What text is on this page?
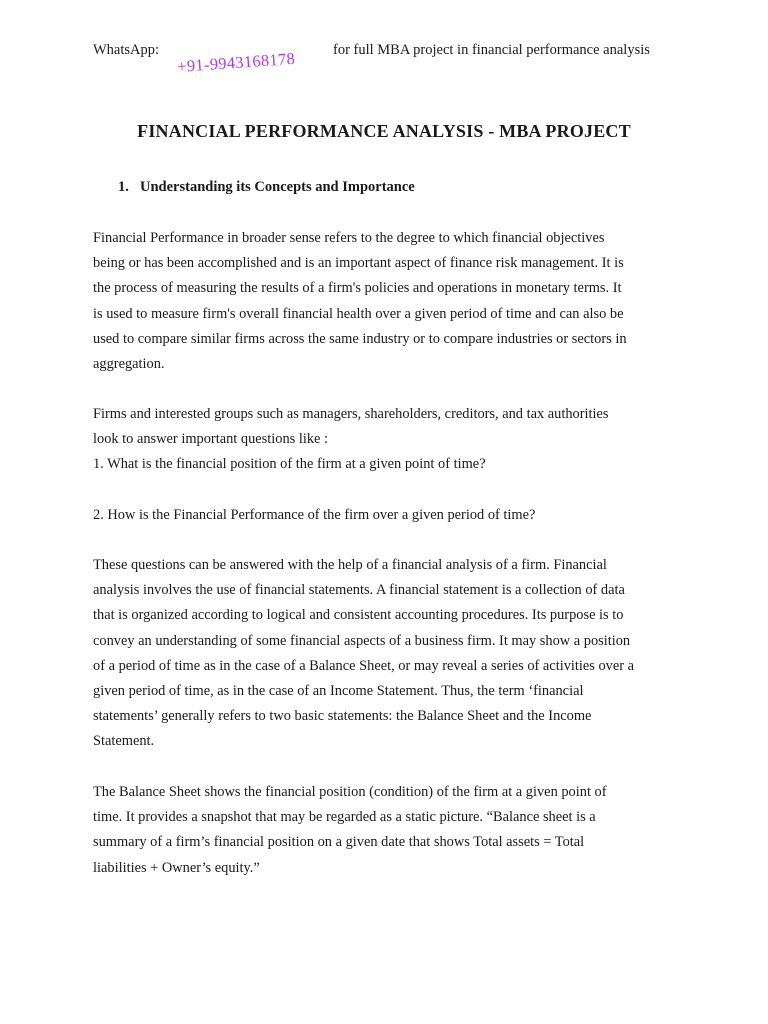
WhatsApp: +91-9943168178	for full MBA project in financial performance analysis
FINANCIAL PERFORMANCE ANALYSIS - MBA PROJECT
1. Understanding its Concepts and Importance
Financial Performance in broader sense refers to the degree to which financial objectives
being or has been accomplished and is an important aspect of finance risk management. It is
the process of measuring the results of a firm's policies and operations in monetary terms. It
is used to measure firm's overall financial health over a given period of time and can also be
used to compare similar firms across the same industry or to compare industries or sectors in
aggregation.
Firms and interested groups such as managers, shareholders, creditors, and tax authorities
look to answer important questions like :
1. What is the financial position of the firm at a given point of time?
2. How is the Financial Performance of the firm over a given period of time?
These questions can be answered with the help of a financial analysis of a firm. Financial
analysis involves the use of financial statements. A financial statement is a collection of data
that is organized according to logical and consistent accounting procedures. Its purpose is to
convey an understanding of some financial aspects of a business firm. It may show a position
of a period of time as in the case of a Balance Sheet, or may reveal a series of activities over a
given period of time, as in the case of an Income Statement. Thus, the term ‘financial
statements’ generally refers to two basic statements: the Balance Sheet and the Income
Statement.
The Balance Sheet shows the financial position (condition) of the firm at a given point of
time. It provides a snapshot that may be regarded as a static picture. “Balance sheet is a
summary of a firm’s financial position on a given date that shows Total assets = Total
liabilities + Owner’s equity.”
